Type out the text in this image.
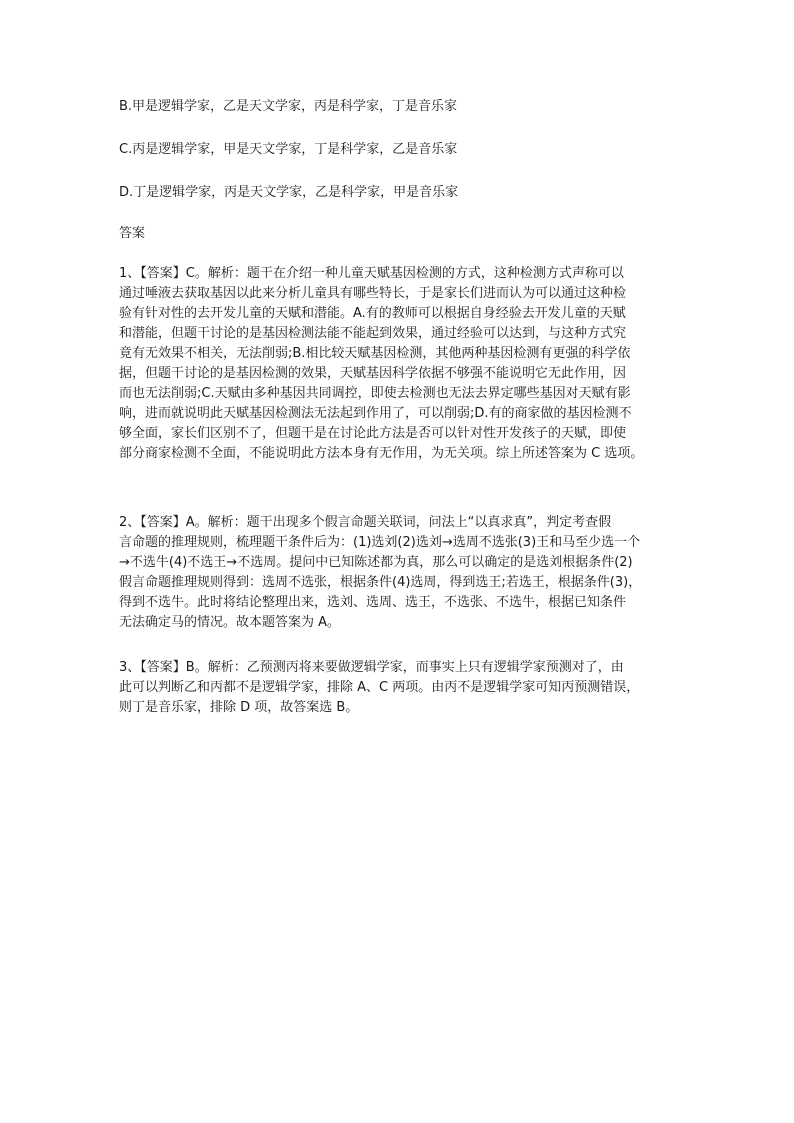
B.甲是逻辑学家，乙是天文学家，丙是科学家，丁是音乐家
C.丙是逻辑学家，甲是天文学家，丁是科学家，乙是音乐家
D.丁是逻辑学家，丙是天文学家，乙是科学家，甲是音乐家
答案
1、【答案】C。解析：题干在介绍一种儿童天赋基因检测的方式，这种检测方式声称可以
通过唾液去获取基因以此来分析儿童具有哪些特长，于是家长们进而认为可以通过这种检
验有针对性的去开发儿童的天赋和潜能。A.有的教师可以根据自身经验去开发儿童的天赋
和潜能，但题干讨论的是基因检测法能不能起到效果，通过经验可以达到，与这种方式究
竟有无效果不相关，无法削弱;B.相比较天赋基因检测，其他两种基因检测有更强的科学依
据，但题干讨论的是基因检测的效果，天赋基因科学依据不够强不能说明它无此作用，因
而也无法削弱;C.天赋由多种基因共同调控，即使去检测也无法去界定哪些基因对天赋有影
响，进而就说明此天赋基因检测法无法起到作用了，可以削弱;D.有的商家做的基因检测不
够全面，家长们区别不了，但题干是在讨论此方法是否可以针对性开发孩子的天赋，即使
部分商家检测不全面，不能说明此方法本身有无作用，为无关项。综上所述答案为 C 选项。
2、【答案】A。解析：题干出现多个假言命题关联词，问法上“以真求真”，判定考查假
言命题的推理规则，梳理题干条件后为：(1)选刘(2)选刘→选周不选张(3)王和马至少选一个
→不选牛(4)不选王→不选周。提问中已知陈述都为真，那么可以确定的是选刘根据条件(2)
假言命题推理规则得到：选周不选张，根据条件(4)选周，得到选王;若选王，根据条件(3)，
得到不选牛。此时将结论整理出来，选刘、选周、选王，不选张、不选牛，根据已知条件
无法确定马的情况。故本题答案为 A。
3、【答案】B。解析：乙预测丙将来要做逻辑学家，而事实上只有逻辑学家预测对了，由
此可以判断乙和丙都不是逻辑学家，排除 A、C 两项。由丙不是逻辑学家可知丙预测错误，
则丁是音乐家，排除 D 项，故答案选 B。
